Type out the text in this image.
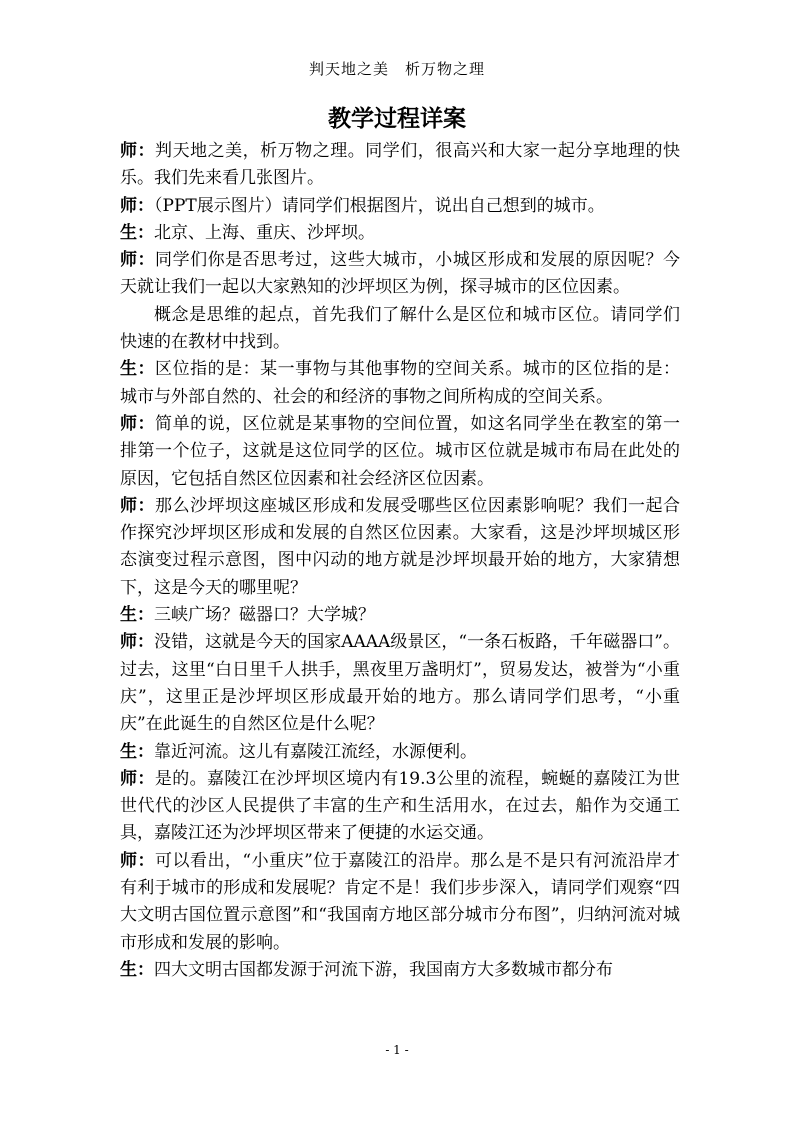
判天地之美　析万物之理
教学过程详案

师：判天地之美，析万物之理。同学们，很高兴和大家一起分享地理的快乐。我们先来看几张图片。

师：（PPT展示图片）请同学们根据图片，说出自己想到的城市。

生：北京、上海、重庆、沙坪坝。

师：同学们你是否思考过，这些大城市，小城区形成和发展的原因呢？今天就让我们一起以大家熟知的沙坪坝区为例，探寻城市的区位因素。

概念是思维的起点，首先我们了解什么是区位和城市区位。请同学们快速的在教材中找到。

生：区位指的是：某一事物与其他事物的空间关系。城市的区位指的是：城市与外部自然的、社会的和经济的事物之间所构成的空间关系。

师：简单的说，区位就是某事物的空间位置，如这名同学坐在教室的第一排第一个位子，这就是这位同学的区位。城市区位就是城市布局在此处的原因，它包括自然区位因素和社会经济区位因素。

师：那么沙坪坝这座城区形成和发展受哪些区位因素影响呢？我们一起合作探究沙坪坝区形成和发展的自然区位因素。大家看，这是沙坪坝城区形态演变过程示意图，图中闪动的地方就是沙坪坝最开始的地方，大家猜想下，这是今天的哪里呢？

生：三峡广场？磁器口？大学城？

师：没错，这就是今天的国家AAAA级景区，“一条石板路，千年磁器口”。过去，这里“白日里千人拱手，黑夜里万盏明灯”，贸易发达，被誉为“小重庆”，这里正是沙坪坝区形成最开始的地方。那么请同学们思考，“小重庆”在此诞生的自然区位是什么呢？

生：靠近河流。这儿有嘉陵江流经，水源便利。

师：是的。嘉陵江在沙坪坝区境内有19.3公里的流程，蜿蜒的嘉陵江为世世代代的沙区人民提供了丰富的生产和生活用水，在过去，船作为交通工具，嘉陵江还为沙坪坝区带来了便捷的水运交通。

师：可以看出，“小重庆”位于嘉陵江的沿岸。那么是不是只有河流沿岸才有利于城市的形成和发展呢？肯定不是！我们步步深入，请同学们观察“四大文明古国位置示意图”和“我国南方地区部分城市分布图”，归纳河流对城市形成和发展的影响。

生：四大文明古国都发源于河流下游，我国南方大多数城市都分布

- 1 -
